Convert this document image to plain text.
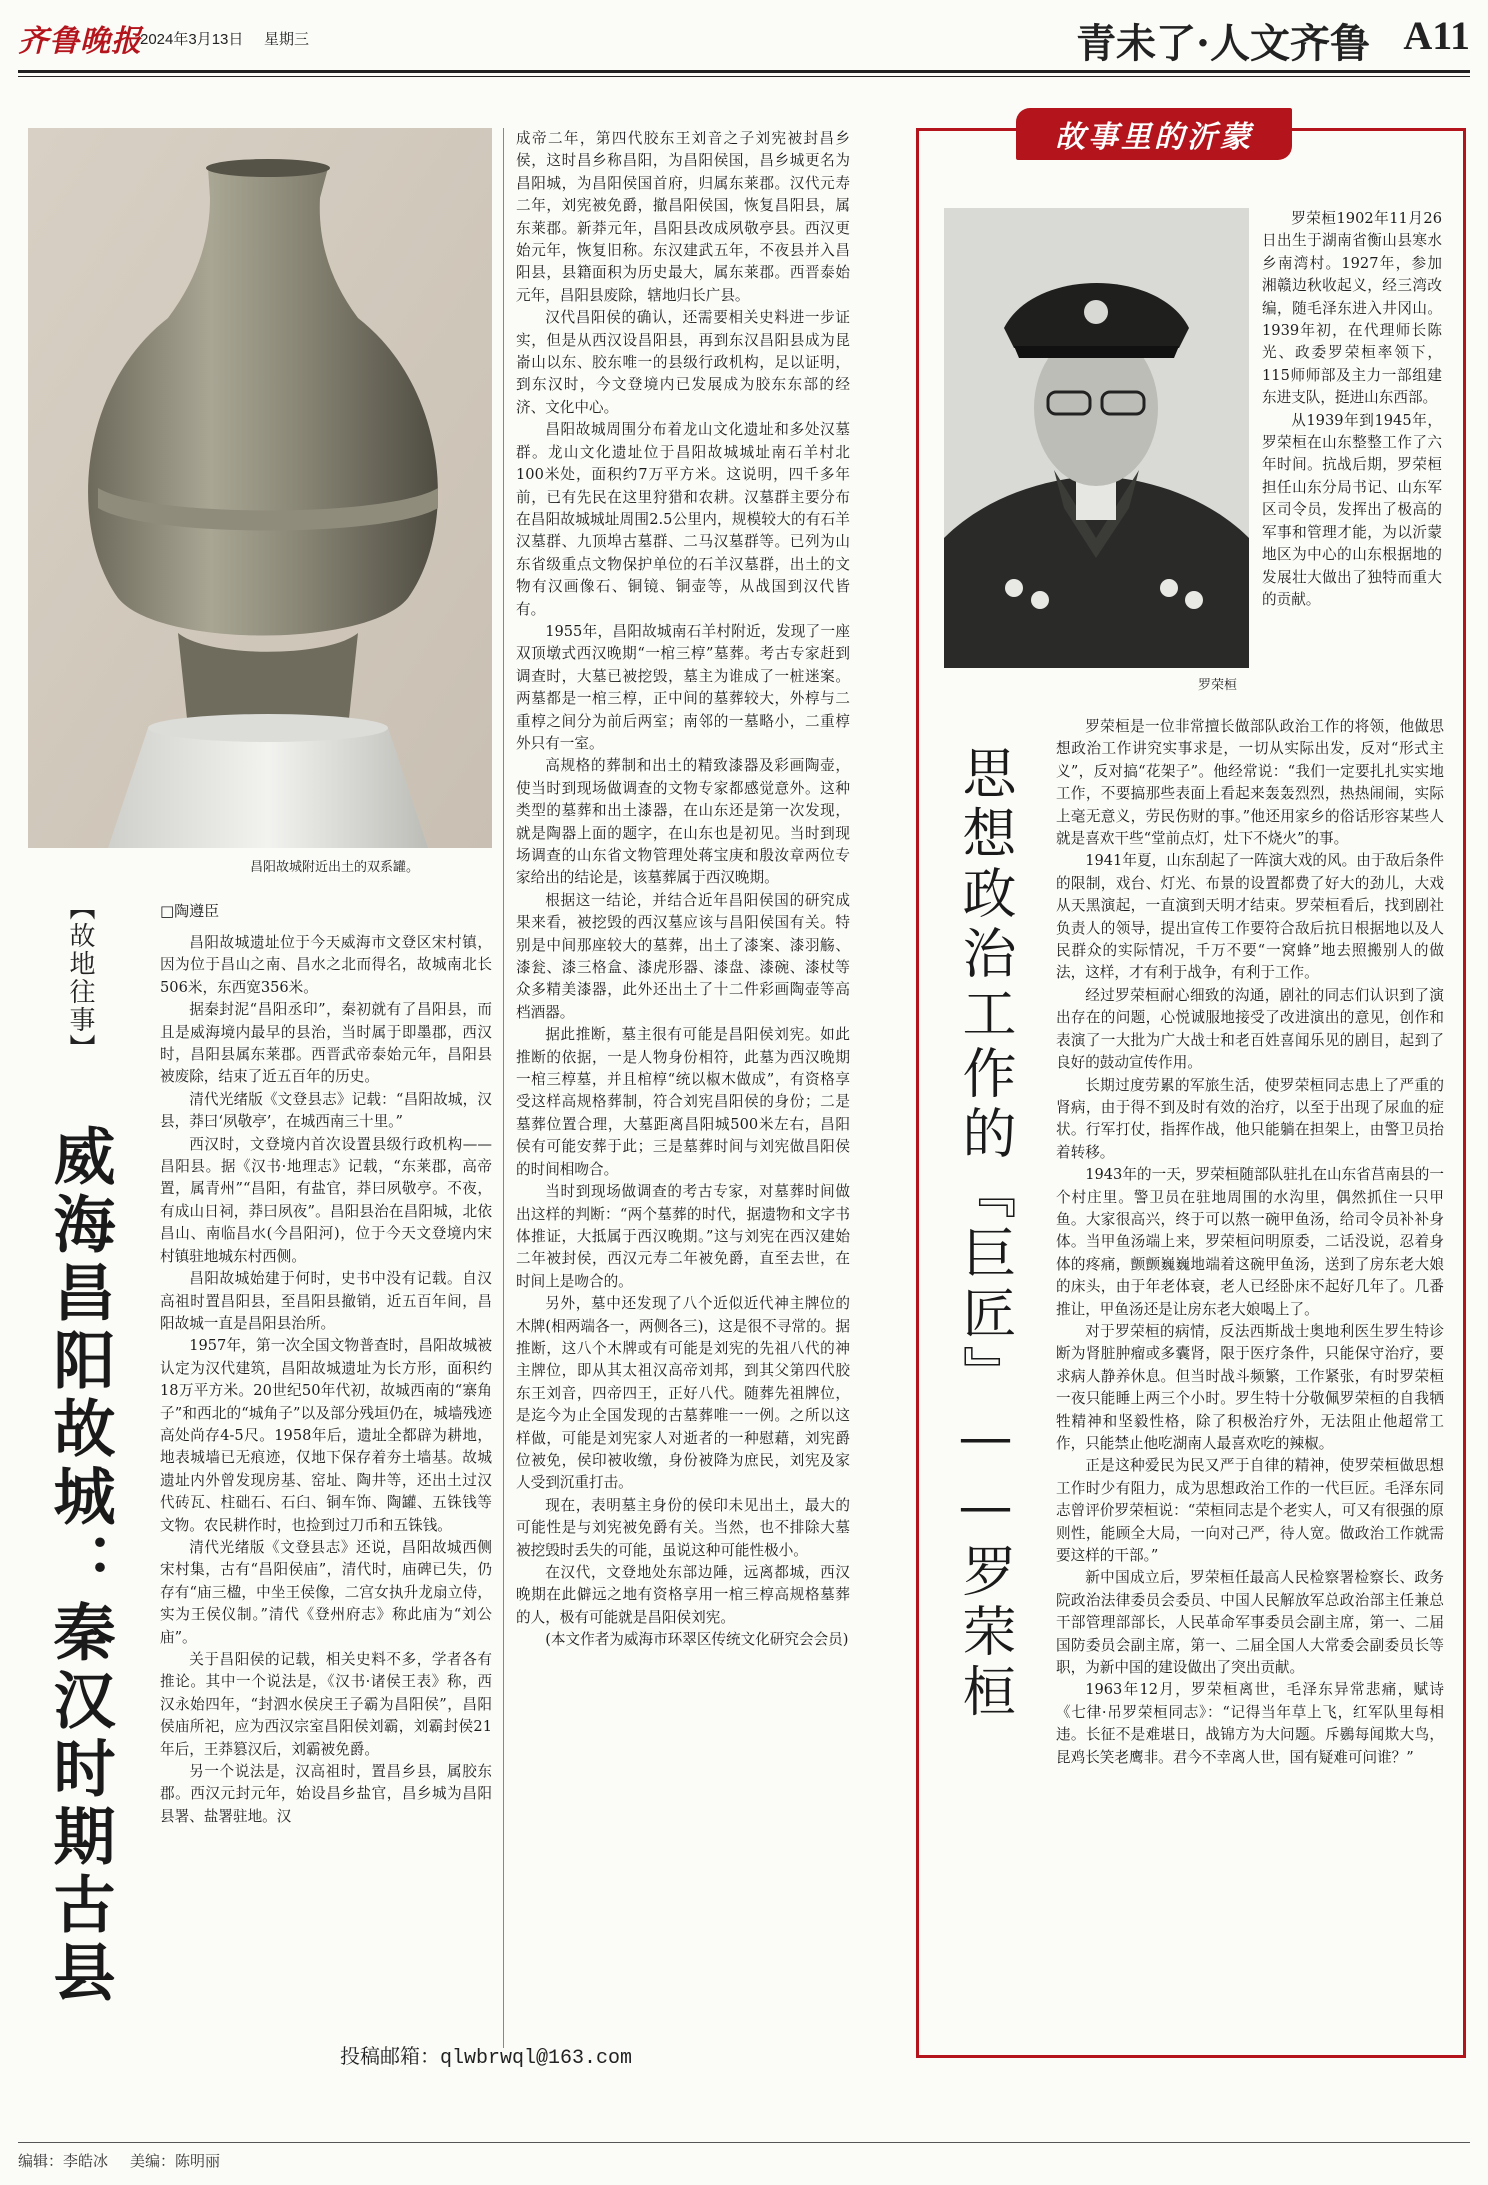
齐鲁晚报
2024年3月13日 星期三	青未了·人文齐鲁 A11
昌阳故城附近出土的双系罐。
【故地往事】
威海昌阳故城：秦汉时期古县
□陶遵臣

昌阳故城遗址位于今天威海市文登区宋村镇，因为位于昌山之南、昌水之北而得名，故城南北长506米，东西宽356米。

据秦封泥“昌阳丞印”，秦初就有了昌阳县，而且是威海境内最早的县治，当时属于即墨郡，西汉时，昌阳县属东莱郡。西晋武帝泰始元年，昌阳县被废除，结束了近五百年的历史。

清代光绪版《文登县志》记载：“昌阳故城，汉县，莽曰‘夙敬亭’，在城西南三十里。”

西汉时，文登境内首次设置县级行政机构——昌阳县。据《汉书·地理志》记载，“东莱郡，高帝置，属青州”“昌阳，有盐官，莽曰夙敬亭。不夜，有成山日祠，莽曰夙夜”。昌阳县治在昌阳城，北依昌山、南临昌水(今昌阳河)，位于今天文登境内宋村镇驻地城东村西侧。

昌阳故城始建于何时，史书中没有记载。自汉高祖时置昌阳县，至昌阳县撤销，近五百年间，昌阳故城一直是昌阳县治所。

1957年，第一次全国文物普查时，昌阳故城被认定为汉代建筑，昌阳故城遗址为长方形，面积约18万平方米。20世纪50年代初，故城西南的“寨角子”和西北的“城角子”以及部分残垣仍在，城墙残迹高处尚存4-5尺。1958年后，遗址全都辟为耕地，地表城墙已无痕迹，仅地下保存着夯土墙基。故城遗址内外曾发现房基、窑址、陶井等，还出土过汉代砖瓦、柱础石、石臼、铜车饰、陶罐、五铢钱等文物。农民耕作时，也捡到过刀币和五铢钱。

清代光绪版《文登县志》还说，昌阳故城西侧宋村集，古有“昌阳侯庙”，清代时，庙碑已失，仍存有“庙三楹，中坐王侯像，二宫女执升龙扇立侍，实为王侯仪制。”清代《登州府志》称此庙为“刘公庙”。

关于昌阳侯的记载，相关史料不多，学者各有推论。其中一个说法是，《汉书·诸侯王表》称，西汉永始四年，“封泗水侯戾王子霸为昌阳侯”，昌阳侯庙所祀，应为西汉宗室昌阳侯刘霸，刘霸封侯21年后，王莽篡汉后，刘霸被免爵。

另一个说法是，汉高祖时，置昌乡县，属胶东郡。西汉元封元年，始设昌乡盐官，昌乡城为昌阳县署、盐署驻地。汉

成帝二年，第四代胶东王刘音之子刘宪被封昌乡侯，这时昌乡称昌阳，为昌阳侯国，昌乡城更名为昌阳城，为昌阳侯国首府，归属东莱郡。汉代元寿二年，刘宪被免爵，撤昌阳侯国，恢复昌阳县，属东莱郡。新莽元年，昌阳县改成夙敬亭县。西汉更始元年，恢复旧称。东汉建武五年，不夜县并入昌阳县，县籍面积为历史最大，属东莱郡。西晋泰始元年，昌阳县废除，辖地归长广县。

汉代昌阳侯的确认，还需要相关史料进一步证实，但是从西汉设昌阳县，再到东汉昌阳县成为昆嵛山以东、胶东唯一的县级行政机构，足以证明，到东汉时，今文登境内已发展成为胶东东部的经济、文化中心。

昌阳故城周围分布着龙山文化遗址和多处汉墓群。龙山文化遗址位于昌阳故城城址南石羊村北100米处，面积约7万平方米。这说明，四千多年前，已有先民在这里狩猎和农耕。汉墓群主要分布在昌阳故城城址周围2.5公里内，规模较大的有石羊汉墓群、九顶埠古墓群、二马汉墓群等。已列为山东省级重点文物保护单位的石羊汉墓群，出土的文物有汉画像石、铜镜、铜壶等，从战国到汉代皆有。

1955年，昌阳故城南石羊村附近，发现了一座双顶墩式西汉晚期“一棺三椁”墓葬。考古专家赶到调查时，大墓已被挖毁，墓主为谁成了一桩迷案。两墓都是一棺三椁，正中间的墓葬较大，外椁与二重椁之间分为前后两室；南邻的一墓略小，二重椁外只有一室。

高规格的葬制和出土的精致漆器及彩画陶壶，使当时到现场做调查的文物专家都感觉意外。这种类型的墓葬和出土漆器，在山东还是第一次发现，就是陶器上面的题字，在山东也是初见。当时到现场调查的山东省文物管理处蒋宝庚和殷汝章两位专家给出的结论是，该墓葬属于西汉晚期。

根据这一结论，并结合近年昌阳侯国的研究成果来看，被挖毁的西汉墓应该与昌阳侯国有关。特别是中间那座较大的墓葬，出土了漆案、漆羽觞、漆瓮、漆三格盒、漆虎形器、漆盘、漆碗、漆杖等众多精美漆器，此外还出土了十二件彩画陶壶等高档酒器。

据此推断，墓主很有可能是昌阳侯刘宪。如此推断的依据，一是人物身份相符，此墓为西汉晚期一棺三椁墓，并且棺椁“统以椒木做成”，有资格享受这样高规格葬制，符合刘宪昌阳侯的身份；二是墓葬位置合理，大墓距离昌阳城500米左右，昌阳侯有可能安葬于此；三是墓葬时间与刘宪做昌阳侯的时间相吻合。

当时到现场做调查的考古专家，对墓葬时间做出这样的判断：“两个墓葬的时代，据遗物和文字书体推证，大抵属于西汉晚期。”这与刘宪在西汉建始二年被封侯，西汉元寿二年被免爵，直至去世，在时间上是吻合的。

另外，墓中还发现了八个近似近代神主牌位的木牌(相两端各一，两侧各三)，这是很不寻常的。据推断，这八个木牌或有可能是刘宪的先祖八代的神主牌位，即从其太祖汉高帝刘邦，到其父第四代胶东王刘音，四帝四王，正好八代。随葬先祖牌位，是迄今为止全国发现的古墓葬唯一一例。之所以这样做，可能是刘宪家人对逝者的一种慰藉，刘宪爵位被免，侯印被收缴，身份被降为庶民，刘宪及家人受到沉重打击。

现在，表明墓主身份的侯印未见出土，最大的可能性是与刘宪被免爵有关。当然，也不排除大墓被挖毁时丢失的可能，虽说这种可能性极小。

在汉代，文登地处东部边陲，远离都城，西汉晚期在此僻远之地有资格享用一棺三椁高规格墓葬的人，极有可能就是昌阳侯刘宪。

(本文作者为威海市环翠区传统文化研究会会员)

故事里的沂蒙
罗荣桓

罗荣桓1902年11月26日出生于湖南省衡山县寒水乡南湾村。1927年，参加湘赣边秋收起义，经三湾改编，随毛泽东进入井冈山。1939年初，在代理师长陈光、政委罗荣桓率领下，115师师部及主力一部组建东进支队，挺进山东西部。

从1939年到1945年，罗荣桓在山东整整工作了六年时间。抗战后期，罗荣桓担任山东分局书记、山东军区司令员，发挥出了极高的军事和管理才能，为以沂蒙地区为中心的山东根据地的发展壮大做出了独特而重大的贡献。

思想政治工作的『巨匠』——罗荣桓

罗荣桓是一位非常擅长做部队政治工作的将领，他做思想政治工作讲究实事求是，一切从实际出发，反对“形式主义”，反对搞“花架子”。他经常说：“我们一定要扎扎实实地工作，不要搞那些表面上看起来轰轰烈烈，热热闹闹，实际上毫无意义，劳民伤财的事。”他还用家乡的俗话形容某些人就是喜欢干些“堂前点灯，灶下不烧火”的事。

1941年夏，山东刮起了一阵演大戏的风。由于敌后条件的限制，戏台、灯光、布景的设置都费了好大的劲儿，大戏从天黑演起，一直演到天明才结束。罗荣桓看后，找到剧社负责人的领导，提出宣传工作要符合敌后抗日根据地以及人民群众的实际情况，千万不要“一窝蜂”地去照搬别人的做法，这样，才有利于战争，有利于工作。

经过罗荣桓耐心细致的沟通，剧社的同志们认识到了演出存在的问题，心悦诚服地接受了改进演出的意见，创作和表演了一大批为广大战士和老百姓喜闻乐见的剧目，起到了良好的鼓动宣传作用。

长期过度劳累的军旅生活，使罗荣桓同志患上了严重的肾病，由于得不到及时有效的治疗，以至于出现了尿血的症状。行军打仗，指挥作战，他只能躺在担架上，由警卫员抬着转移。

1943年的一天，罗荣桓随部队驻扎在山东省莒南县的一个村庄里。警卫员在驻地周围的水沟里，偶然抓住一只甲鱼。大家很高兴，终于可以熬一碗甲鱼汤，给司令员补补身体。当甲鱼汤端上来，罗荣桓问明原委，二话没说，忍着身体的疼痛，颤颤巍巍地端着这碗甲鱼汤，送到了房东老大娘的床头，由于年老体衰，老人已经卧床不起好几年了。几番推让，甲鱼汤还是让房东老大娘喝上了。

对于罗荣桓的病情，反法西斯战士奥地利医生罗生特诊断为肾脏肿瘤或多囊肾，限于医疗条件，只能保守治疗，要求病人静养休息。但当时战斗频繁，工作紧张，有时罗荣桓一夜只能睡上两三个小时。罗生特十分敬佩罗荣桓的自我牺牲精神和坚毅性格，除了积极治疗外，无法阻止他超常工作，只能禁止他吃湖南人最喜欢吃的辣椒。

正是这种爱民为民又严于自律的精神，使罗荣桓做思想工作时少有阻力，成为思想政治工作的一代巨匠。毛泽东同志曾评价罗荣桓说：“荣桓同志是个老实人，可又有很强的原则性，能顾全大局，一向对己严，待人宽。做政治工作就需要这样的干部。”

新中国成立后，罗荣桓任最高人民检察署检察长、政务院政治法律委员会委员、中国人民解放军总政治部主任兼总干部管理部部长，人民革命军事委员会副主席，第一、二届国防委员会副主席，第一、二届全国人大常委会副委员长等职，为新中国的建设做出了突出贡献。

1963年12月，罗荣桓离世，毛泽东异常悲痛，赋诗《七律·吊罗荣桓同志》：“记得当年草上飞，红军队里每相违。长征不是难堪日，战锦方为大问题。斥鷃每闻欺大鸟，昆鸡长笑老鹰非。君今不幸离人世，国有疑难可问谁？”

投稿邮箱：qlwbrwql@163.com
编辑：李皓冰 美编：陈明丽
